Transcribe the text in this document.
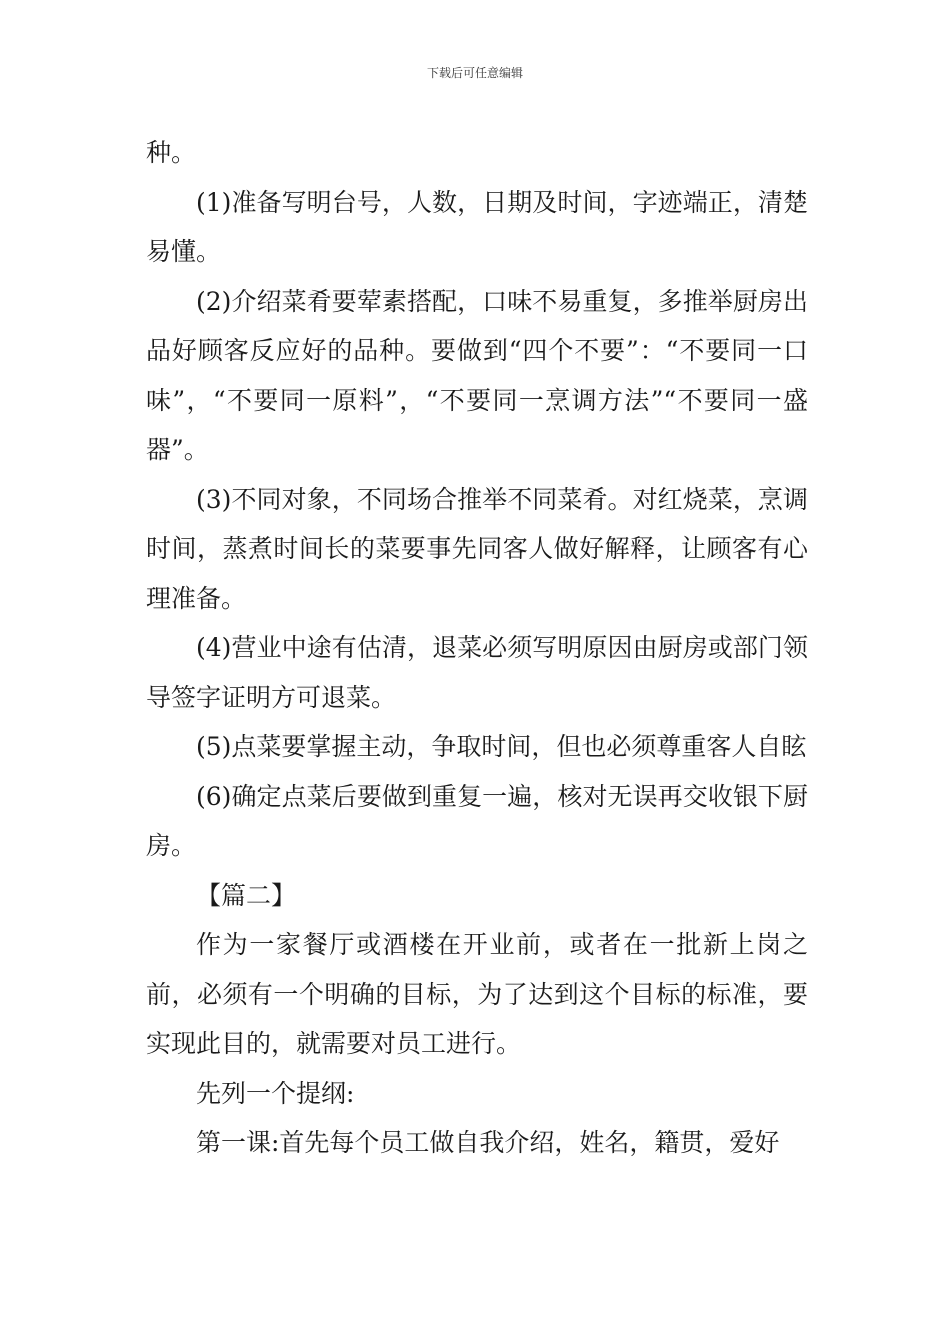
下载后可任意编辑

种。

(1)准备写明台号，人数，日期及时间，字迹端正，清楚易懂。

(2)介绍菜肴要荤素搭配，口味不易重复，多推举厨房出品好顾客反应好的品种。要做到“四个不要”：“不要同一口味”，“不要同一原料”，“不要同一烹调方法”“不要同一盛器”。

(3)不同对象，不同场合推举不同菜肴。对红烧菜，烹调时间，蒸煮时间长的菜要事先同客人做好解释，让顾客有心理准备。

(4)营业中途有估清，退菜必须写明原因由厨房或部门领导签字证明方可退菜。

(5)点菜要掌握主动，争取时间，但也必须尊重客人自眩

(6)确定点菜后要做到重复一遍，核对无误再交收银下厨房。

【篇二】

作为一家餐厅或酒楼在开业前，或者在一批新上岗之前，必须有一个明确的目标，为了达到这个目标的标准，要实现此目的，就需要对员工进行。

先列一个提纲:

第一课:首先每个员工做自我介绍，姓名，籍贯，爱好
